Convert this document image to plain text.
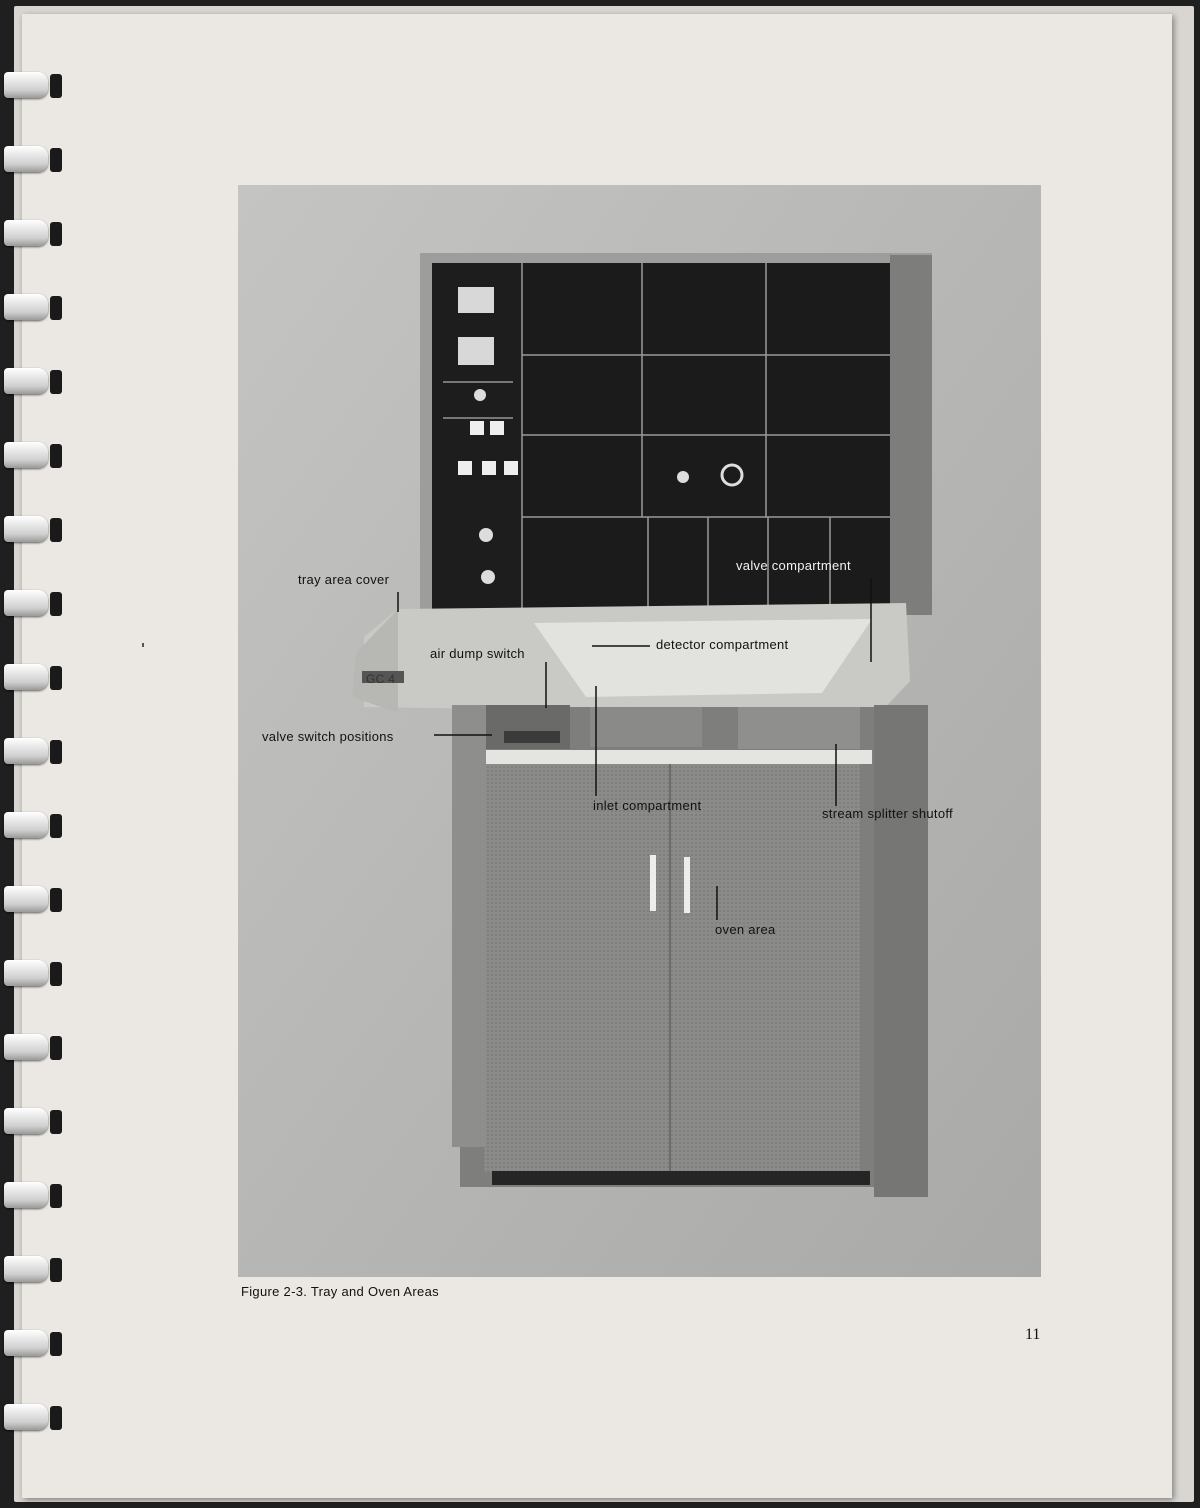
tray area cover
valve compartment
detector compartment
air dump switch
valve switch positions
inlet compartment
stream splitter shutoff
oven area
GC 4
Figure 2-3. Tray and Oven Areas
11
